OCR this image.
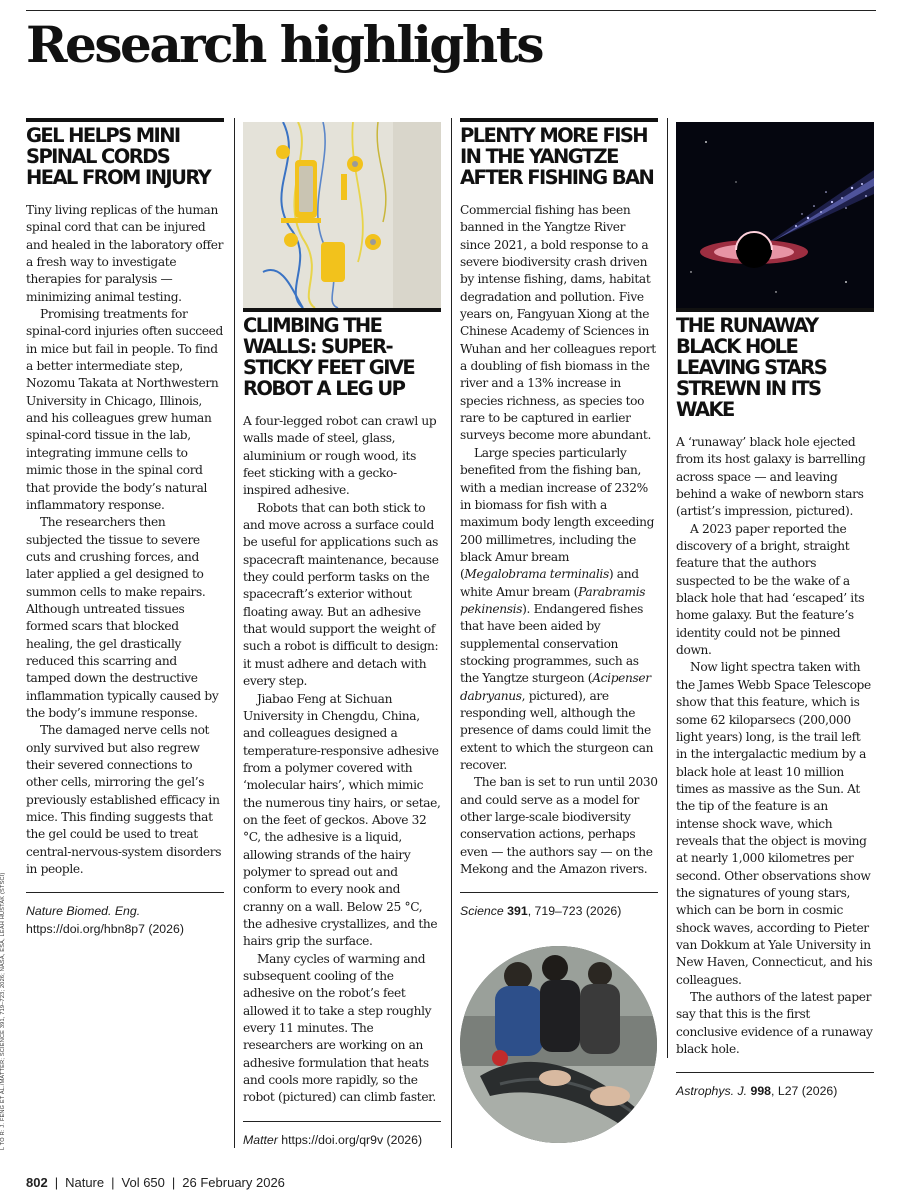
Research highlights
GEL HELPS MINI SPINAL CORDS HEAL FROM INJURY

Tiny living replicas of the human spinal cord that can be injured and healed in the laboratory offer a fresh way to investigate therapies for paralysis — minimizing animal testing.

Promising treatments for spinal-cord injuries often succeed in mice but fail in people. To find a better intermediate step, Nozomu Takata at Northwestern University in Chicago, Illinois, and his colleagues grew human spinal-cord tissue in the lab, integrating immune cells to mimic those in the spinal cord that provide the body’s natural inflammatory response.

The researchers then subjected the tissue to severe cuts and crushing forces, and later applied a gel designed to summon cells to make repairs. Although untreated tissues formed scars that blocked healing, the gel drastically reduced this scarring and tamped down the destructive inflammation typically caused by the body’s immune response.

The damaged nerve cells not only survived but also regrew their severed connections to other cells, mirroring the gel’s previously established efficacy in mice. This finding suggests that the gel could be used to treat central-nervous-system disorders in people.

Nature Biomed. Eng. https://doi.org/hbn8p7 (2026)
CLIMBING THE WALLS: SUPER-STICKY FEET GIVE ROBOT A LEG UP

A four-legged robot can crawl up walls made of steel, glass, aluminium or rough wood, its feet sticking with a gecko-inspired adhesive.

Robots that can both stick to and move across a surface could be useful for applications such as spacecraft maintenance, because they could perform tasks on the spacecraft’s exterior without floating away. But an adhesive that would support the weight of such a robot is difficult to design: it must adhere and detach with every step.

Jiabao Feng at Sichuan University in Chengdu, China, and colleagues designed a temperature-responsive adhesive from a polymer covered with ‘molecular hairs’, which mimic the numerous tiny hairs, or setae, on the feet of geckos. Above 32 °C, the adhesive is a liquid, allowing strands of the hairy polymer to spread out and conform to every nook and cranny on a wall. Below 25 °C, the adhesive crystallizes, and the hairs grip the surface.

Many cycles of warming and subsequent cooling of the adhesive on the robot’s feet allowed it to take a step roughly every 11 minutes. The researchers are working on an adhesive formulation that heats and cools more rapidly, so the robot (pictured) can climb faster.

Matter https://doi.org/qr9v (2026)
PLENTY MORE FISH IN THE YANGTZE AFTER FISHING BAN

Commercial fishing has been banned in the Yangtze River since 2021, a bold response to a severe biodiversity crash driven by intense fishing, dams, habitat degradation and pollution. Five years on, Fangyuan Xiong at the Chinese Academy of Sciences in Wuhan and her colleagues report a doubling of fish biomass in the river and a 13% increase in species richness, as species too rare to be captured in earlier surveys become more abundant.

Large species particularly benefited from the fishing ban, with a median increase of 232% in biomass for fish with a maximum body length exceeding 200 millimetres, including the black Amur bream (Megalobrama terminalis) and white Amur bream (Parabramis pekinensis). Endangered fishes that have been aided by supplemental conservation stocking programmes, such as the Yangtze sturgeon (Acipenser dabryanus, pictured), are responding well, although the presence of dams could limit the extent to which the sturgeon can recover.

The ban is set to run until 2030 and could serve as a model for other large-scale biodiversity conservation actions, perhaps even — the authors say — on the Mekong and the Amazon rivers.

Science 391, 719–723 (2026)
THE RUNAWAY BLACK HOLE LEAVING STARS STREWN IN ITS WAKE

A ‘runaway’ black hole ejected from its host galaxy is barrelling across space — and leaving behind a wake of newborn stars (artist’s impression, pictured).

A 2023 paper reported the discovery of a bright, straight feature that the authors suspected to be the wake of a black hole that had ‘escaped’ its home galaxy. But the feature’s identity could not be pinned down.

Now light spectra taken with the James Webb Space Telescope show that this feature, which is some 62 kiloparsecs (200,000 light years) long, is the trail left in the intergalactic medium by a black hole at least 10 million times as massive as the Sun. At the tip of the feature is an intense shock wave, which reveals that the object is moving at nearly 1,000 kilometres per second. Other observations show the signatures of young stars, which can be born in cosmic shock waves, according to Pieter van Dokkum at Yale University in New Haven, Connecticut, and his colleagues.

The authors of the latest paper say that this is the first conclusive evidence of a runaway black hole.

Astrophys. J. 998, L27 (2026)
L TO R: J. FENG ET AL./MATTER; SCIENCE 391, 719–723; 2026; NASA, ESA, LEAH HUSTAK (STSCI)
802 | Nature | Vol 650 | 26 February 2026
